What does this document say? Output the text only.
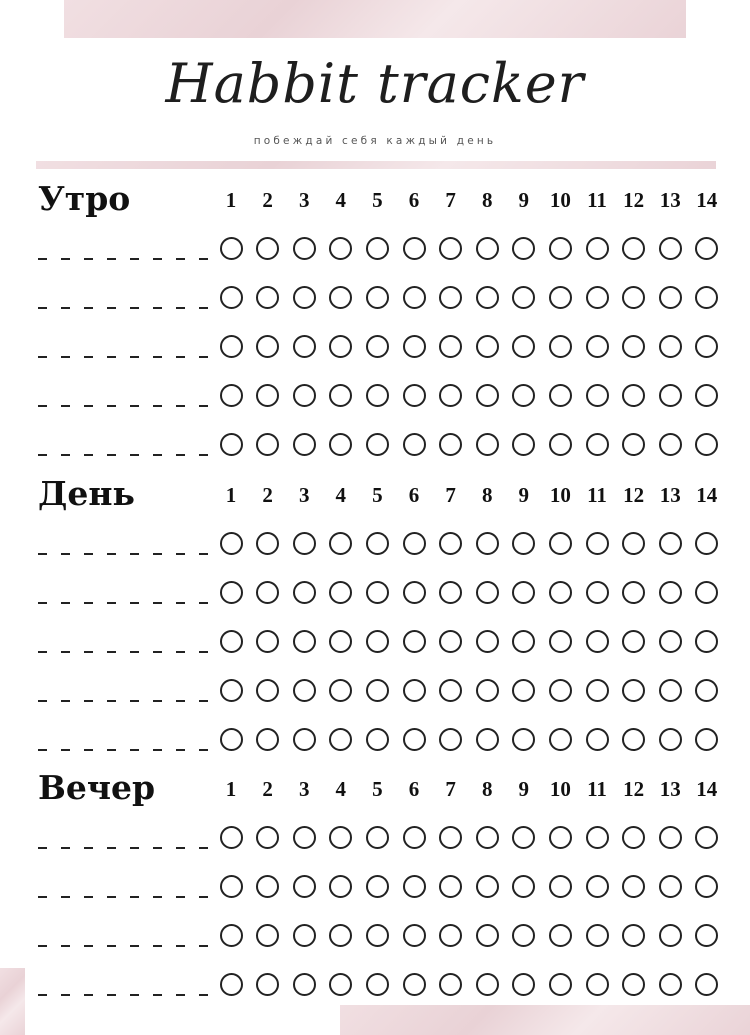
Habbit tracker
побеждай себя каждый день
Утро	1	2	3	4	5	6	7	8	9 10 11 12 13 14
День	1	2	3	4	5	6	7	8	9 10 11 12 13 14
Вечер	1	2	3	4	5	6	7	8	9 10 11 12 13 14
